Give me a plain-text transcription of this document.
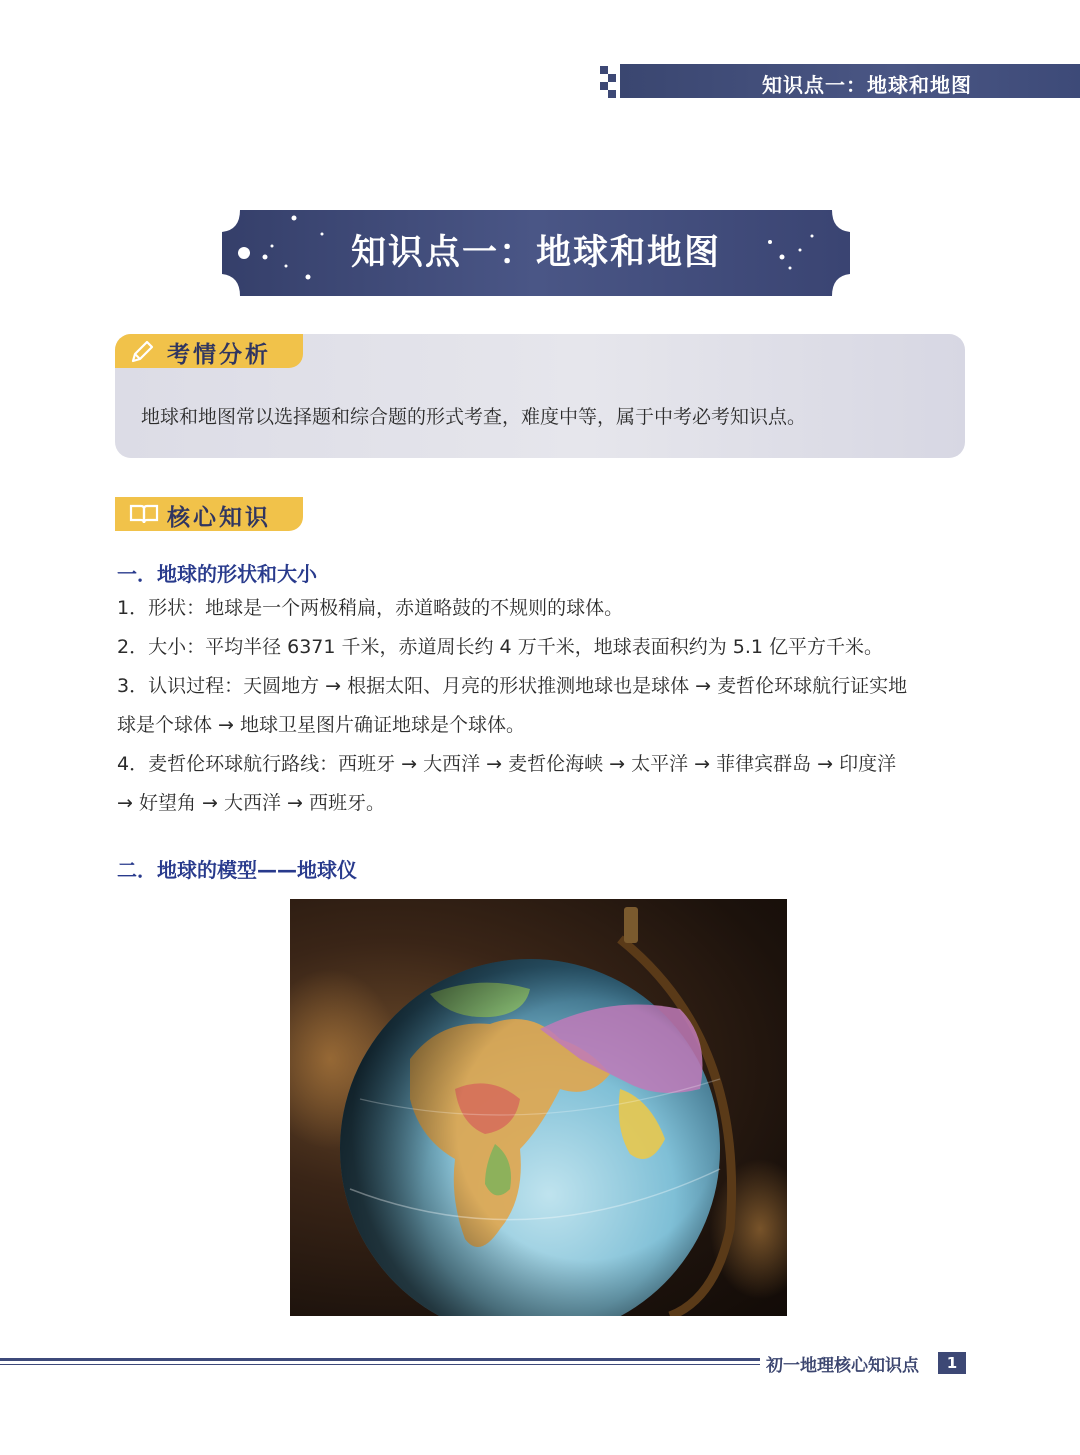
知识点一：地球和地图
知识点一：地球和地图
考情分析
地球和地图常以选择题和综合题的形式考查，难度中等，属于中考必考知识点。
核心知识
一．地球的形状和大小
1．形状：地球是一个两极稍扁，赤道略鼓的不规则的球体。
2．大小：平均半径 6371 千米，赤道周长约 4 万千米，地球表面积约为 5.1 亿平方千米。
3．认识过程：天圆地方 → 根据太阳、月亮的形状推测地球也是球体 → 麦哲伦环球航行证实地
球是个球体 → 地球卫星图片确证地球是个球体。
4．麦哲伦环球航行路线：西班牙 → 大西洋 → 麦哲伦海峡 → 太平洋 → 菲律宾群岛 → 印度洋
→ 好望角 → 大西洋 → 西班牙。
二．地球的模型——地球仪
初一地理核心知识点	1
